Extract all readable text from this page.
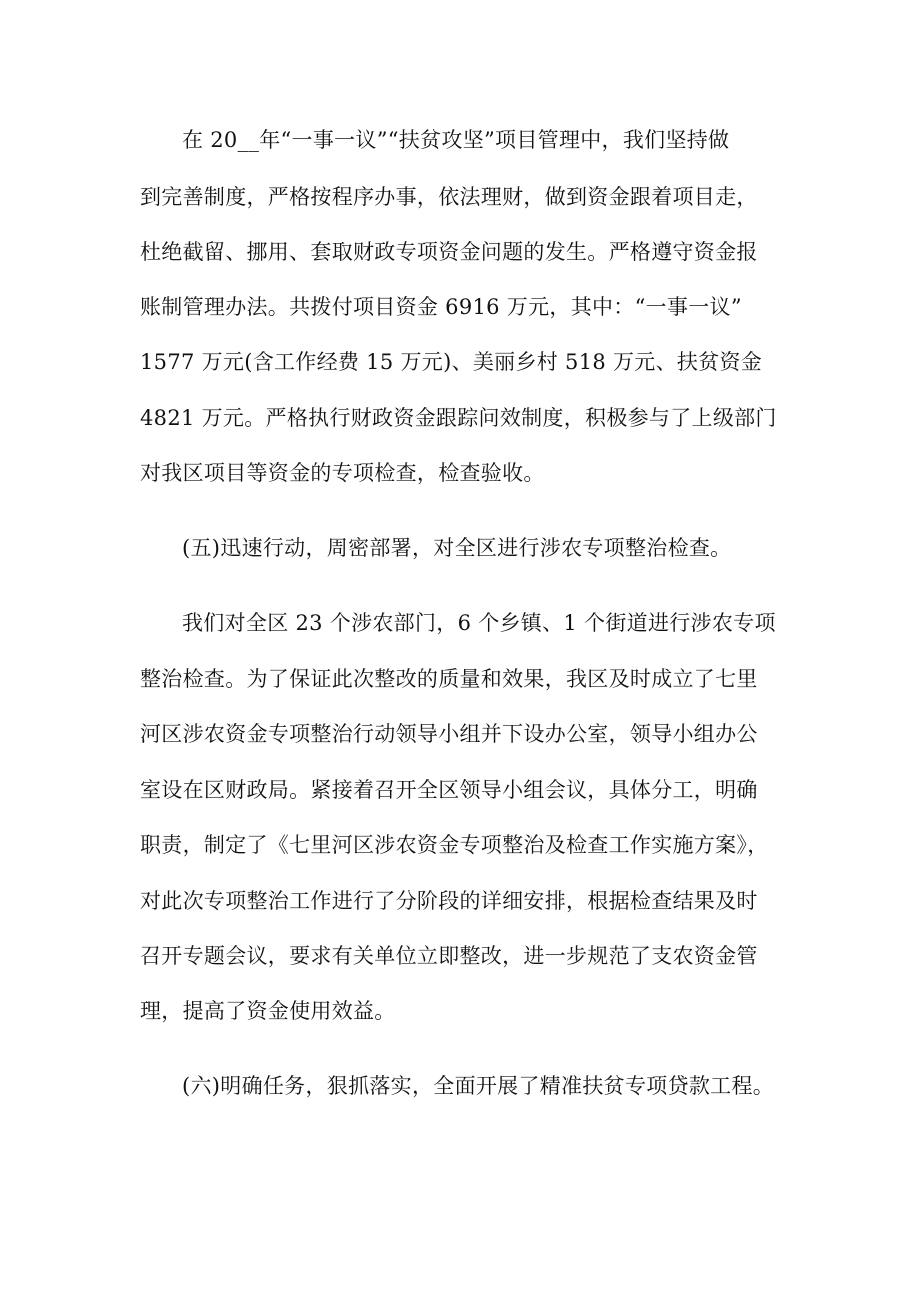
在 20__年“一事一议”“扶贫攻坚”项目管理中，我们坚持做
到完善制度，严格按程序办事，依法理财，做到资金跟着项目走，
杜绝截留、挪用、套取财政专项资金问题的发生。严格遵守资金报
账制管理办法。共拨付项目资金 6916 万元，其中：“一事一议”
1577 万元(含工作经费 15 万元)、美丽乡村 518 万元、扶贫资金
4821 万元。严格执行财政资金跟踪问效制度，积极参与了上级部门
对我区项目等资金的专项检查，检查验收。
(五)迅速行动，周密部署，对全区进行涉农专项整治检查。
我们对全区 23 个涉农部门，6 个乡镇、1 个街道进行涉农专项
整治检查。为了保证此次整改的质量和效果，我区及时成立了七里
河区涉农资金专项整治行动领导小组并下设办公室，领导小组办公
室设在区财政局。紧接着召开全区领导小组会议，具体分工，明确
职责，制定了《七里河区涉农资金专项整治及检查工作实施方案》，
对此次专项整治工作进行了分阶段的详细安排，根据检查结果及时
召开专题会议，要求有关单位立即整改，进一步规范了支农资金管
理，提高了资金使用效益。
(六)明确任务，狠抓落实，全面开展了精准扶贫专项贷款工程。
